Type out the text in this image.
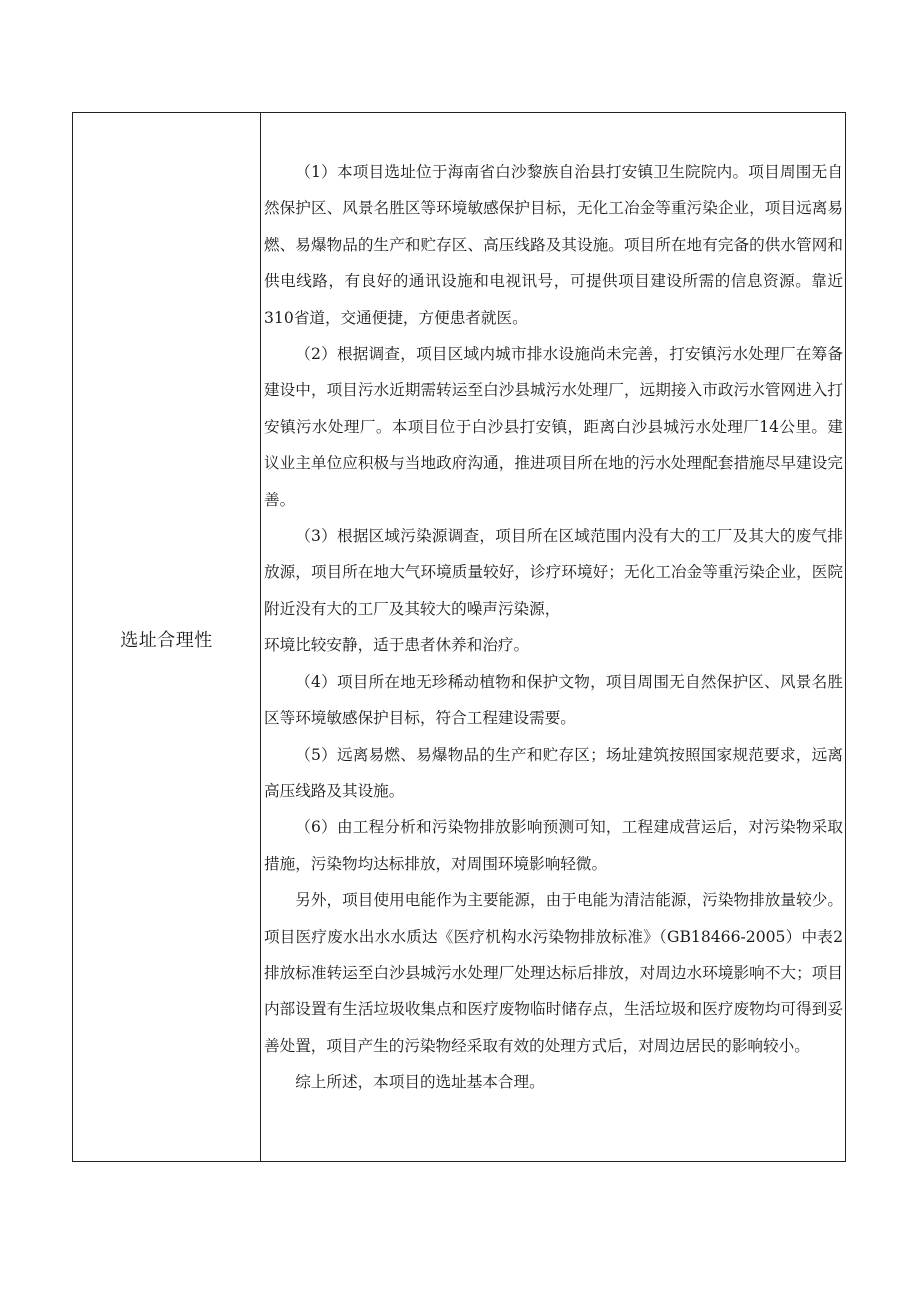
选址合理性

（1）本项目选址位于海南省白沙黎族自治县打安镇卫生院院内。项目周围无自然保护区、风景名胜区等环境敏感保护目标，无化工冶金等重污染企业，项目远离易燃、易爆物品的生产和贮存区、高压线路及其设施。项目所在地有完备的供水管网和供电线路，有良好的通讯设施和电视讯号，可提供项目建设所需的信息资源。靠近310省道，交通便捷，方便患者就医。

（2）根据调查，项目区域内城市排水设施尚未完善，打安镇污水处理厂在筹备建设中，项目污水近期需转运至白沙县城污水处理厂，远期接入市政污水管网进入打安镇污水处理厂。本项目位于白沙县打安镇，距离白沙县城污水处理厂14公里。建议业主单位应积极与当地政府沟通，推进项目所在地的污水处理配套措施尽早建设完善。

（3）根据区域污染源调查，项目所在区域范围内没有大的工厂及其大的废气排放源，项目所在地大气环境质量较好，诊疗环境好；无化工冶金等重污染企业，医院附近没有大的工厂及其较大的噪声污染源，

环境比较安静，适于患者休养和治疗。

（4）项目所在地无珍稀动植物和保护文物，项目周围无自然保护区、风景名胜区等环境敏感保护目标，符合工程建设需要。

（5）远离易燃、易爆物品的生产和贮存区；场址建筑按照国家规范要求，远离高压线路及其设施。

（6）由工程分析和污染物排放影响预测可知，工程建成营运后，对污染物采取措施，污染物均达标排放，对周围环境影响轻微。

另外，项目使用电能作为主要能源，由于电能为清洁能源，污染物排放量较少。项目医疗废水出水水质达《医疗机构水污染物排放标准》（GB18466-2005）中表2排放标准转运至白沙县城污水处理厂处理达标后排放，对周边水环境影响不大；项目内部设置有生活垃圾收集点和医疗废物临时储存点，生活垃圾和医疗废物均可得到妥善处置，项目产生的污染物经采取有效的处理方式后，对周边居民的影响较小。

综上所述，本项目的选址基本合理。
